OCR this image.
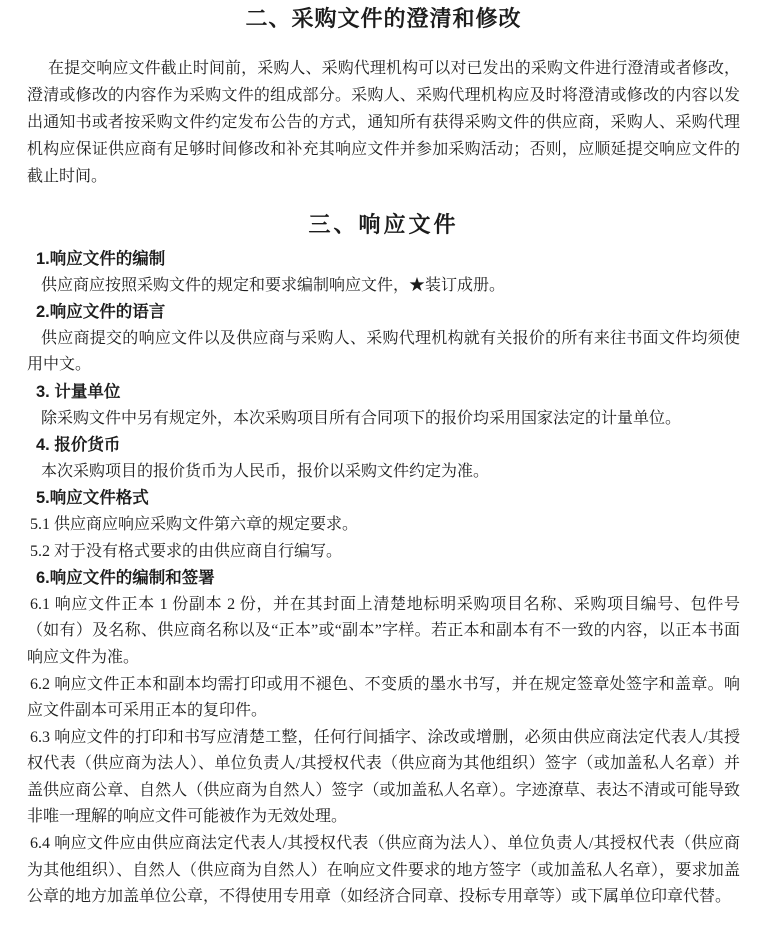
二、采购文件的澄清和修改

在提交响应文件截止时间前，采购人、采购代理机构可以对已发出的采购文件进行澄清或者修改，澄清或修改的内容作为采购文件的组成部分。采购人、采购代理机构应及时将澄清或修改的内容以发出通知书或者按采购文件约定发布公告的方式，通知所有获得采购文件的供应商，采购人、采购代理机构应保证供应商有足够时间修改和补充其响应文件并参加采购活动；否则，应顺延提交响应文件的截止时间。

三、响应文件
1.响应文件的编制

供应商应按照采购文件的规定和要求编制响应文件，★装订成册。

2.响应文件的语言

供应商提交的响应文件以及供应商与采购人、采购代理机构就有关报价的所有来往书面文件均须使用中文。

3. 计量单位

除采购文件中另有规定外，本次采购项目所有合同项下的报价均采用国家法定的计量单位。

4. 报价货币

本次采购项目的报价货币为人民币，报价以采购文件约定为准。

5.响应文件格式

5.1 供应商应响应采购文件第六章的规定要求。

5.2 对于没有格式要求的由供应商自行编写。

6.响应文件的编制和签署

6.1 响应文件正本 1 份副本 2 份，并在其封面上清楚地标明采购项目名称、采购项目编号、包件号（如有）及名称、供应商名称以及“正本”或“副本”字样。若正本和副本有不一致的内容，以正本书面响应文件为准。

6.2 响应文件正本和副本均需打印或用不褪色、不变质的墨水书写，并在规定签章处签字和盖章。响应文件副本可采用正本的复印件。

6.3 响应文件的打印和书写应清楚工整，任何行间插字、涂改或增删，必须由供应商法定代表人/其授权代表（供应商为法人）、单位负责人/其授权代表（供应商为其他组织）签字（或加盖私人名章）并盖供应商公章、自然人（供应商为自然人）签字（或加盖私人名章）。字迹潦草、表达不清或可能导致非唯一理解的响应文件可能被作为无效处理。

6.4 响应文件应由供应商法定代表人/其授权代表（供应商为法人）、单位负责人/其授权代表（供应商为其他组织）、自然人（供应商为自然人）在响应文件要求的地方签字（或加盖私人名章），要求加盖公章的地方加盖单位公章，不得使用专用章（如经济合同章、投标专用章等）或下属单位印章代替。
